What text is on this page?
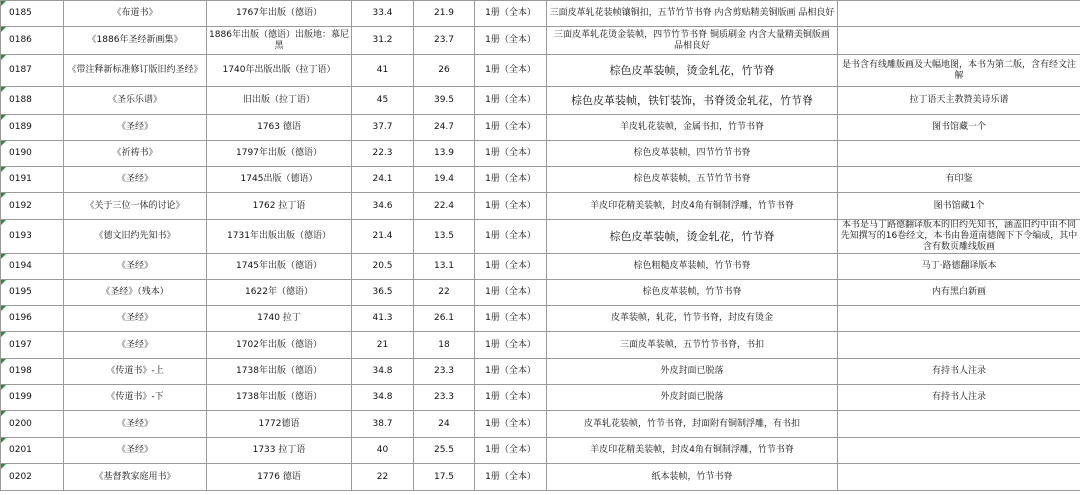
0185	《布道书》	1767年出版（德语）	33.4	21.9	1册（全本）	三面皮革轧花装帧镶铜扣，五节竹节书脊 内含剪贴精美铜版画 品相良好	
0186	《1886年圣经新画集》	1886年出版（德语）出版地：慕尼黑	31.2	23.7	1册（全本）	三面皮革轧花烫金装帧，四节竹节书脊 铜质刷金 内含大量精美铜版画 品相良好	
0187	《带注释新标准修订版旧约圣经》	1740年出版出版（拉丁语）	41	26	1册（全本）	棕色皮革装帧，烫金轧花，竹节脊	是书含有线雕版画及大幅地图，本书为第二版，含有经文注解
0188	《圣乐乐谱》	旧出版（拉丁语）	45	39.5	1册（全本）	棕色皮革装帧，铁钉装饰，书脊烫金轧花，竹节脊	拉丁语天主教赞美诗乐谱
0189	《圣经》	1763 德语	37.7	24.7	1册（全本）	羊皮轧花装帧，金属书扣，竹节书脊	图书馆藏一个
0190	《祈祷书》	1797年出版（德语）	22.3	13.9	1册（全本）	棕色皮革装帧，四节竹节书脊	
0191	《圣经》	1745出版（德语）	24.1	19.4	1册（全本）	棕色皮革装帧，五节竹节书脊	有印鉴
0192	《关于三位一体的讨论》	1762 拉丁语	34.6	22.4	1册（全本）	羊皮印花精美装帧，封皮4角有铜制浮雕，竹节书脊	图书馆藏1个
0193	《德文旧约先知书》	1731年出版出版（德语）	21.4	13.5	1册（全本）	棕色皮革装帧，烫金轧花，竹节脊	本书是马丁路德翻译版本的旧约先知书，涵盖旧约中由不同先知撰写的16卷经文，本书由鲁道南德阁下下令编成，其中含有数页雕线版画
0194	《圣经》	1745年出版（德语）	20.5	13.1	1册（全本）	棕色粗糙皮革装帧，竹节书脊	马丁·路德翻译版本
0195	《圣经》（残本）	1622年（德语）	36.5	22	1册（全本）	棕色皮革装帧，竹节书脊	内有黑白新画
0196	《圣经》	1740 拉丁	41.3	26.1	1册（全本）	皮革装帧，轧花，竹节书脊，封皮有烫金	
0197	《圣经》	1702年出版（德语）	21	18	1册（全本）	三面皮革装帧，五节竹节书脊，书扣	
0198	《传道书》-上	1738年出版（德语）	34.8	23.3	1册（全本）	外皮封面已脱落	有持书人注录
0199	《传道书》-下	1738年出版（德语）	34.8	23.3	1册（全本）	外皮封面已脱落	有持书人注录
0200	《圣经》	1772德语	38.7	24	1册（全本）	皮革轧花装帧，竹节书脊，封面附有铜制浮雕，有书扣	
0201	《圣经》	1733 拉丁语	40	25.5	1册（全本）	羊皮印花精美装帧，封皮4角有铜制浮雕，竹节书脊	
0202	《基督教家庭用书》	1776 德语	22	17.5	1册（全本）	纸本装帧，竹节书脊	
